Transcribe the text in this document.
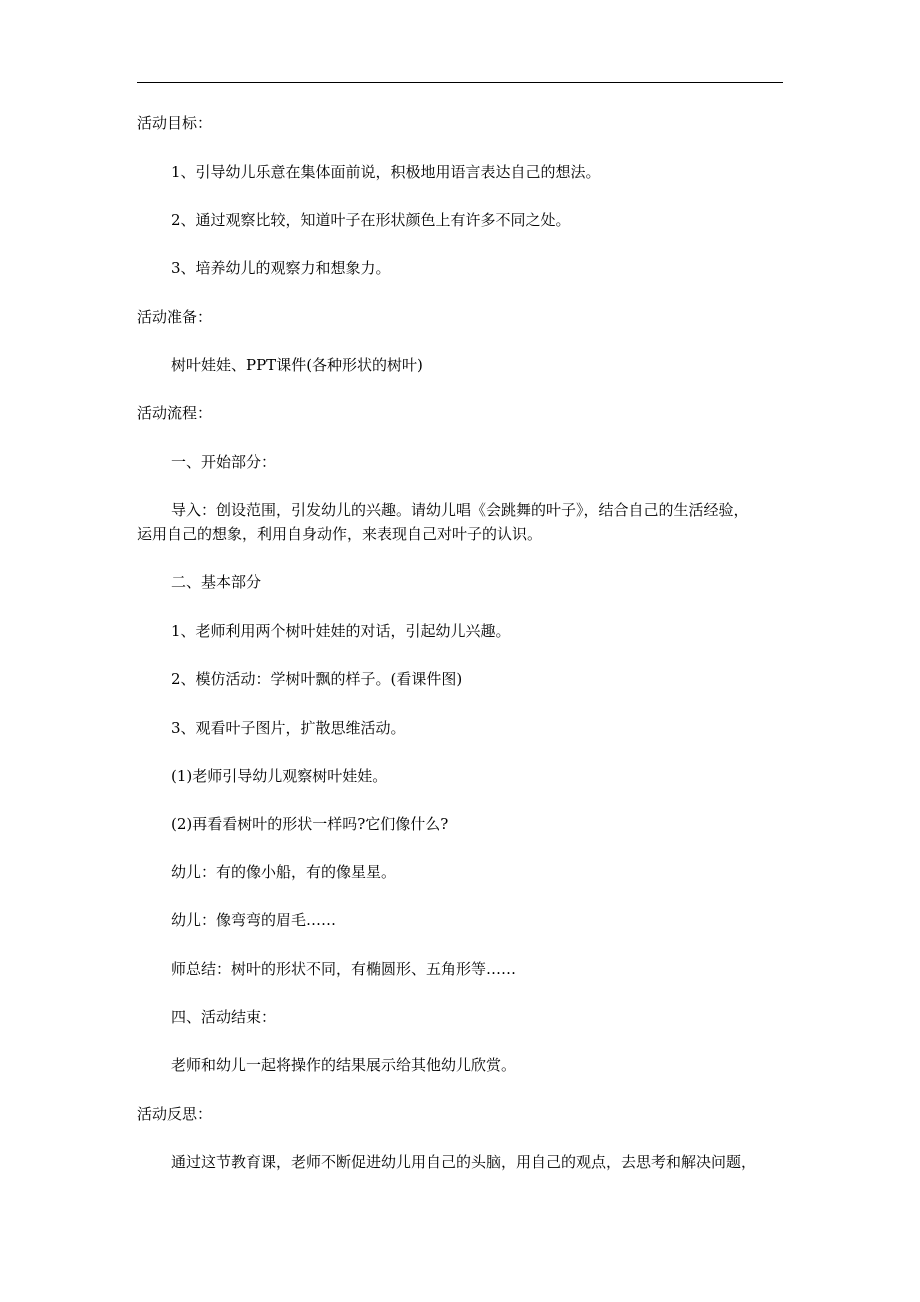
活动目标：
1、引导幼儿乐意在集体面前说，积极地用语言表达自己的想法。
2、通过观察比较，知道叶子在形状颜色上有许多不同之处。
3、培养幼儿的观察力和想象力。
活动准备：
树叶娃娃、PPT课件(各种形状的树叶)
活动流程：
一、开始部分：
导入：创设范围，引发幼儿的兴趣。请幼儿唱《会跳舞的叶子》，结合自己的生活经验，
运用自己的想象，利用自身动作，来表现自己对叶子的认识。
二、基本部分
1、老师利用两个树叶娃娃的对话，引起幼儿兴趣。
2、模仿活动：学树叶飘的样子。(看课件图)
3、观看叶子图片，扩散思维活动。
(1)老师引导幼儿观察树叶娃娃。
(2)再看看树叶的形状一样吗?它们像什么?
幼儿：有的像小船，有的像星星。
幼儿：像弯弯的眉毛……
师总结：树叶的形状不同，有椭圆形、五角形等……
四、活动结束：
老师和幼儿一起将操作的结果展示给其他幼儿欣赏。
活动反思：
通过这节教育课，老师不断促进幼儿用自己的头脑，用自己的观点，去思考和解决问题，
